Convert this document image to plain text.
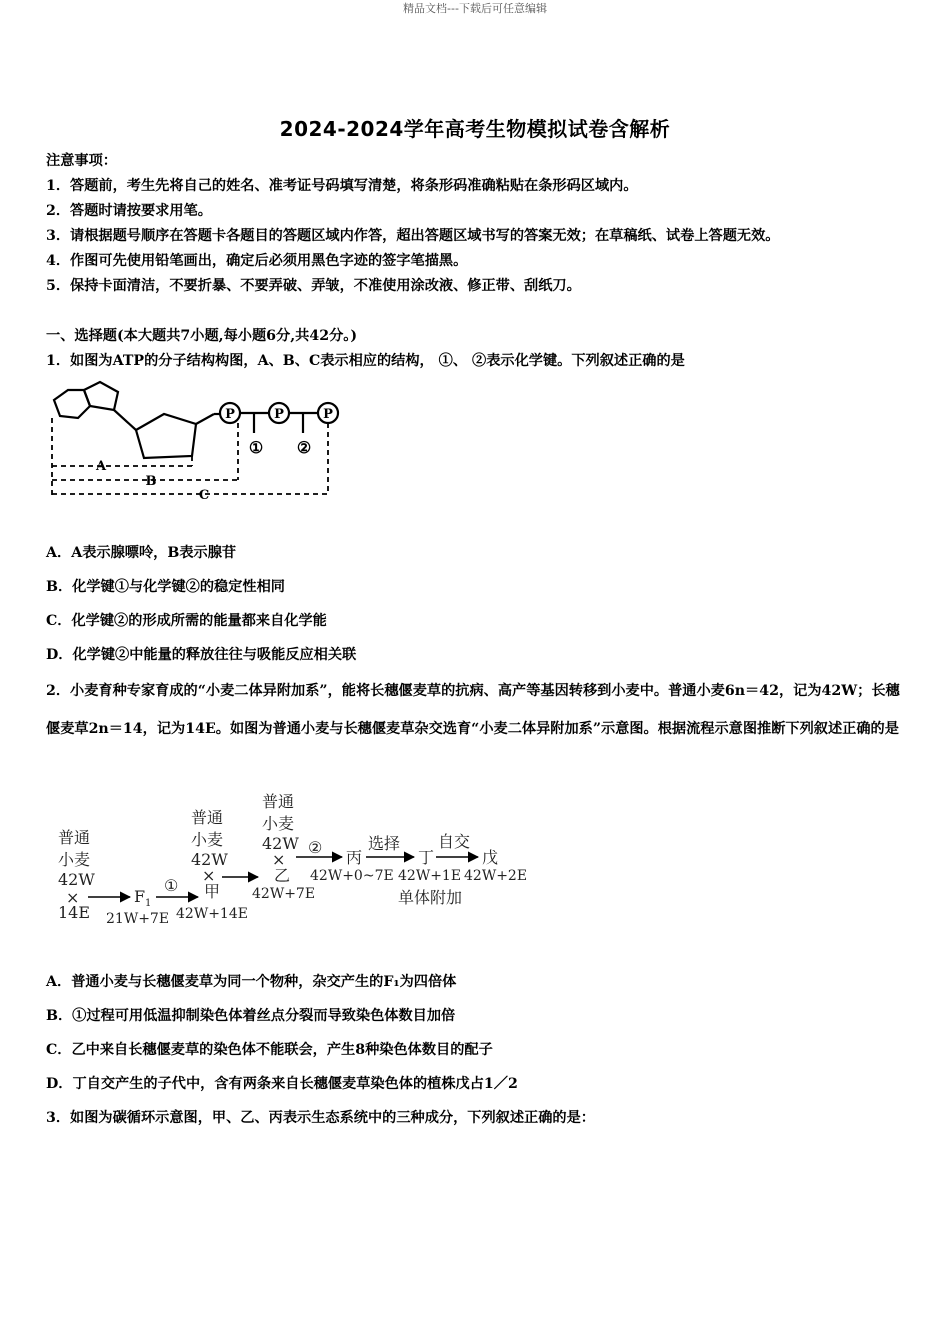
精品文档---下载后可任意编辑
2024-2024学年高考生物模拟试卷含解析
注意事项：
1．答题前，考生先将自己的姓名、准考证号码填写清楚，将条形码准确粘贴在条形码区域内。
2．答题时请按要求用笔。
3．请根据题号顺序在答题卡各题目的答题区域内作答，超出答题区域书写的答案无效；在草稿纸、试卷上答题无效。
4．作图可先使用铅笔画出，确定后必须用黑色字迹的签字笔描黑。
5．保持卡面清洁，不要折暴、不要弄破、弄皱，不准使用涂改液、修正带、刮纸刀。
一、选择题(本大题共7小题,每小题6分,共42分。)
1．如图为ATP的分子结构构图，A、B、C表示相应的结构， ①、 ②表示化学键。下列叙述正确的是
P	P	P
① ②
A
B
C
A．A表示腺嘌呤，B表示腺苷
B．化学键①与化学键②的稳定性相同
C．化学键②的形成所需的能量都来自化学能
D．化学键②中能量的释放往往与吸能反应相关联
2．小麦育种专家育成的“小麦二体异附加系”，能将长穗偃麦草的抗病、高产等基因转移到小麦中。普通小麦6n＝42，记为42W；长穗偃麦草2n＝14，记为14E。如图为普通小麦与长穗偃麦草杂交选育“小麦二体异附加系”示意图。根据流程示意图推断下列叙述正确的是
普通
小麦
42W
×
14E
F 1
21W+7E
①
普通
小麦
42W
×
甲
42W+14E
普通
小麦
42W
×
乙
42W+7E
②
丙
42W+0~7E
选择
丁
42W+1E
单体附加
自交
戊
42W+2E
A．普通小麦与长穗偃麦草为同一个物种，杂交产生的F₁为四倍体
B．①过程可用低温抑制染色体着丝点分裂而导致染色体数目加倍
C．乙中来自长穗偃麦草的染色体不能联会，产生8种染色体数目的配子
D．丁自交产生的子代中，含有两条来自长穗偃麦草染色体的植株戊占1／2
3．如图为碳循环示意图，甲、乙、丙表示生态系统中的三种成分，下列叙述正确的是：
